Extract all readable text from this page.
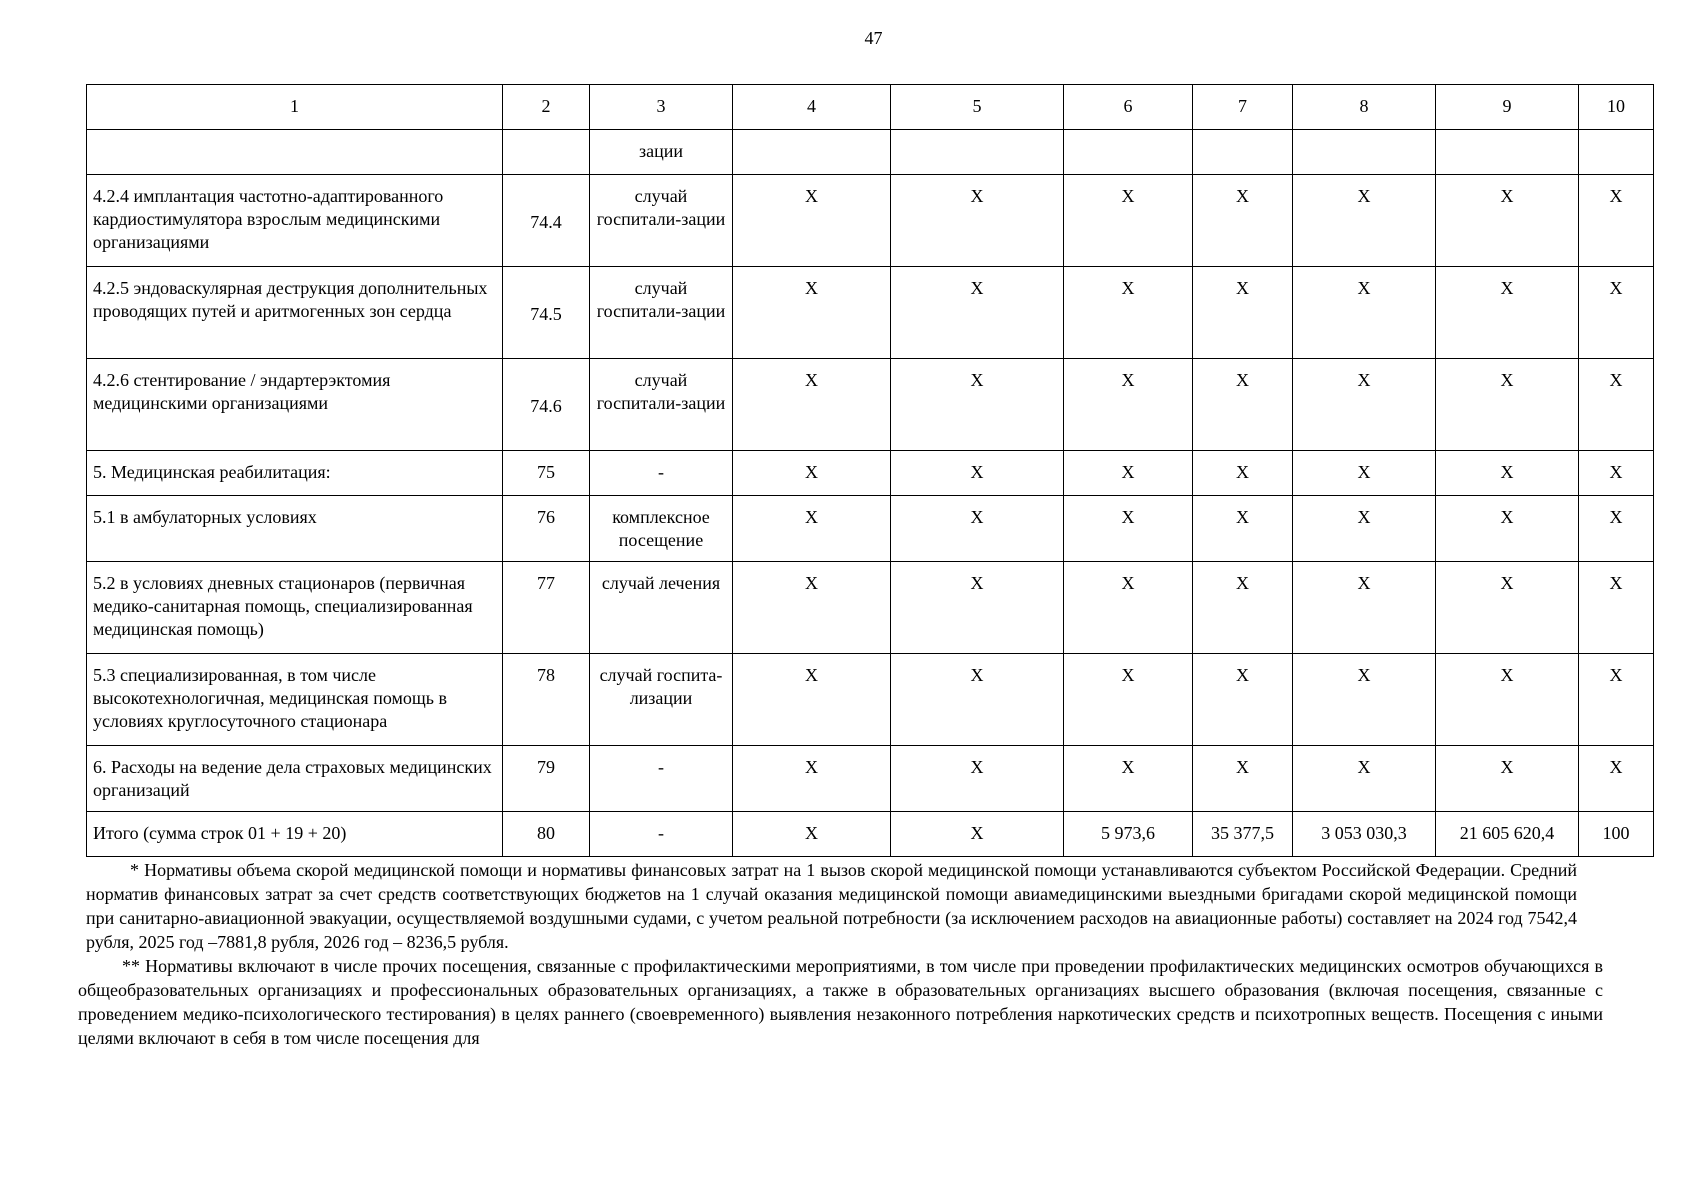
47
1	2	3	4	5	6	7	8	9	10
		зации							
4.2.4 имплантация частотно-адаптированного кардиостимулятора взрослым медицинскими организациями	74.4	случай госпитали-зации	Х	Х	Х	Х	Х	Х	Х
4.2.5 эндоваскулярная деструкция дополнительных проводящих путей и аритмогенных зон сердца	74.5	случай госпитали-зации	Х	Х	Х	Х	Х	Х	Х
4.2.6 стентирование / эндартерэктомия медицинскими организациями	74.6	случай госпитали-зации	Х	Х	Х	Х	Х	Х	Х
5. Медицинская реабилитация:	75	-	Х	Х	Х	Х	Х	Х	Х
5.1 в амбулаторных условиях	76	комплексное посещение	Х	Х	Х	Х	Х	Х	Х
5.2 в условиях дневных стационаров (первичная медико-санитарная помощь, специализированная медицинская помощь)	77	случай лечения	Х	Х	Х	Х	Х	Х	Х
5.3 специализированная, в том числе высокотехнологичная, медицинская помощь в условиях круглосуточного стационара	78	случай госпита-лизации	Х	Х	Х	Х	Х	Х	Х
6. Расходы на ведение дела страховых медицинских организаций	79	-	Х	Х	Х	Х	Х	Х	Х
Итого (сумма строк 01 + 19 + 20)	80	-	Х	Х	5 973,6	35 377,5	3 053 030,3	21 605 620,4	100

* Нормативы объема скорой медицинской помощи и нормативы финансовых затрат на 1 вызов скорой медицинской помощи устанавливаются субъектом Российской Федерации. Средний норматив финансовых затрат за счет средств соответствующих бюджетов на 1 случай оказания медицинской помощи авиамедицинскими выездными бригадами скорой медицинской помощи при санитарно-авиационной эвакуации, осуществляемой воздушными судами, с учетом реальной потребности (за исключением расходов на авиационные работы) составляет на 2024 год 7542,4 рубля, 2025 год –7881,8 рубля, 2026 год – 8236,5 рубля.

** Нормативы включают в числе прочих посещения, связанные с профилактическими мероприятиями, в том числе при проведении профилактических медицинских осмотров обучающихся в общеобразовательных организациях и профессиональных образовательных организациях, а также в образовательных организациях высшего образования (включая посещения, связанные с проведением медико-психологического тестирования) в целях раннего (своевременного) выявления незаконного потребления наркотических средств и психотропных веществ. Посещения с иными целями включают в себя в том числе посещения для
